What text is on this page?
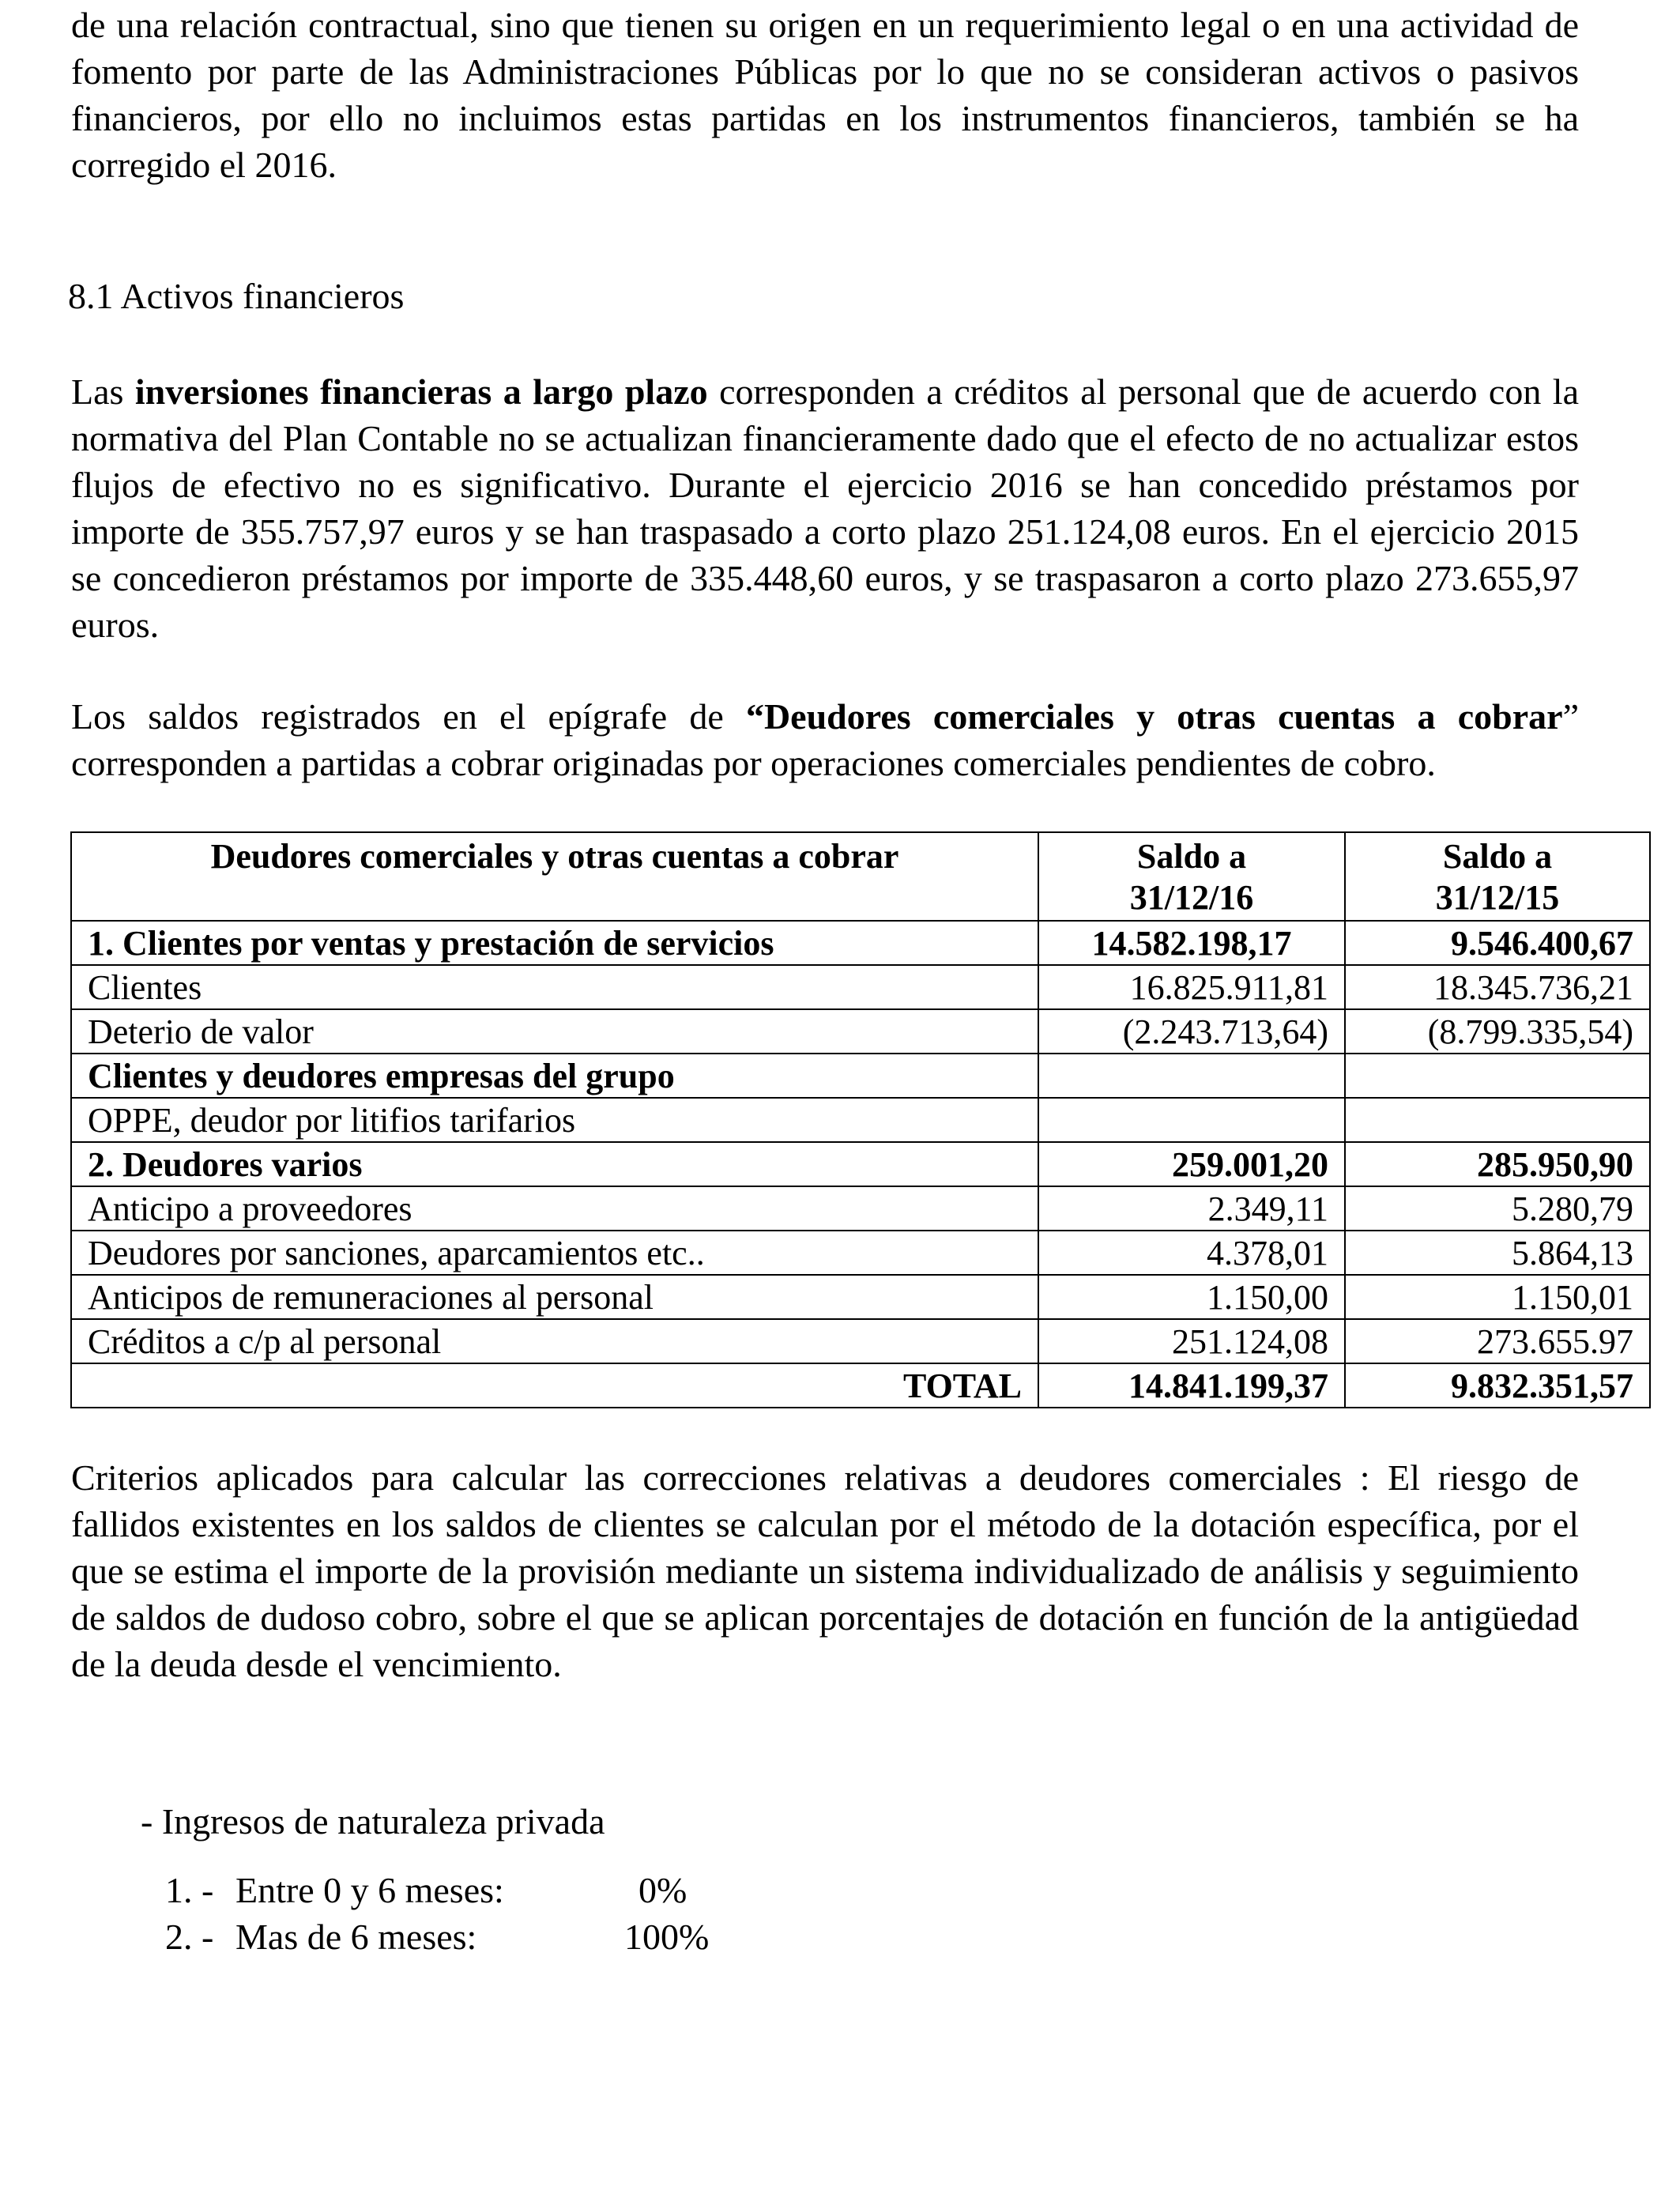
de una relación contractual, sino que tienen su origen en un requerimiento legal o en una actividad de fomento por parte de las Administraciones Públicas por lo que no se consideran activos o pasivos financieros, por ello no incluimos estas partidas en los instrumentos financieros, también se ha corregido el 2016.

8.1 Activos financieros

Las inversiones financieras a largo plazo corresponden a créditos al personal que de acuerdo con la normativa del Plan Contable no se actualizan financieramente dado que el efecto de no actualizar estos flujos de efectivo no es significativo. Durante el ejercicio 2016 se han concedido préstamos por importe de 355.757,97 euros y se han traspasado a corto plazo 251.124,08 euros. En el ejercicio 2015 se concedieron préstamos por importe de 335.448,60 euros, y se traspasaron a corto plazo 273.655,97 euros.

Los saldos registrados en el epígrafe de “Deudores comerciales y otras cuentas a cobrar” corresponden a partidas a cobrar originadas por operaciones comerciales pendientes de cobro.

Deudores comerciales y otras cuentas a cobrar	Saldo a 31/12/16	Saldo a 31/12/15
1. Clientes por ventas y prestación de servicios	14.582.198,17	9.546.400,67
Clientes	16.825.911,81	18.345.736,21
Deterio de valor	(2.243.713,64)	(8.799.335,54)
Clientes y deudores empresas del grupo		
OPPE, deudor por litifios tarifarios		
2. Deudores varios	259.001,20	285.950,90
Anticipo a proveedores	2.349,11	5.280,79
Deudores por sanciones, aparcamientos etc..	4.378,01	5.864,13
Anticipos de remuneraciones al personal	1.150,00	1.150,01
Créditos a c/p al personal	251.124,08	273.655.97
TOTAL	14.841.199,37	9.832.351,57

Criterios aplicados para calcular las correcciones relativas a deudores comerciales : El riesgo de fallidos existentes en los saldos de clientes se calculan por el método de la dotación específica, por el que se estima el importe de la provisión mediante un sistema individualizado de análisis y seguimiento de saldos de dudoso cobro, sobre el que se aplican porcentajes de dotación en función de la antigüedad de la deuda desde el vencimiento.

- Ingresos de naturaleza privada
1. - Entre 0 y 6 meses:	0%
2. - Mas de 6 meses:	100%
